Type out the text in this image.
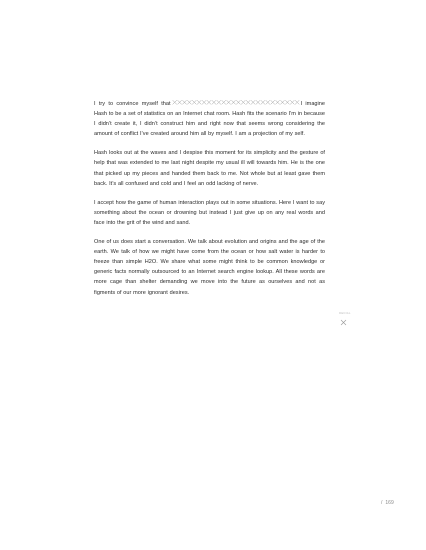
I try to convince myself that	I imagine Hash to be a set of statistics on an Internet chat room. Hash fits the scenario I’m in because I didn’t create it, I didn’t construct him and right now that seems wrong considering the amount of conflict I’ve created around him all by myself. I am a projection of my self.

Hash looks out at the waves and I despise this moment for its simplicity and the gesture of help that was extended to me last night despite my usual ill will towards him. He is the one that picked up my pieces and handed them back to me. Not whole but at least gave them back. It’s all confused and cold and I feel an odd lacking of nerve.

I accept how the game of human interaction plays out in some situations. Here I want to say something about the ocean or drowning but instead I just give up on any real words and face into the grit of the wind and sand.

One of us does start a conversation. We talk about evolution and origins and the age of the earth. We talk of how we might have come from the ocean or how salt water is harder to freeze than simple H2O. We share what some might think to be common knowledge or generic facts normally outsourced to an Internet search engine lookup. All these words are more cage than shelter demanding we move into the future as ourselves and not as figments of our more ignorant desires.

DENIAL
/ 169
